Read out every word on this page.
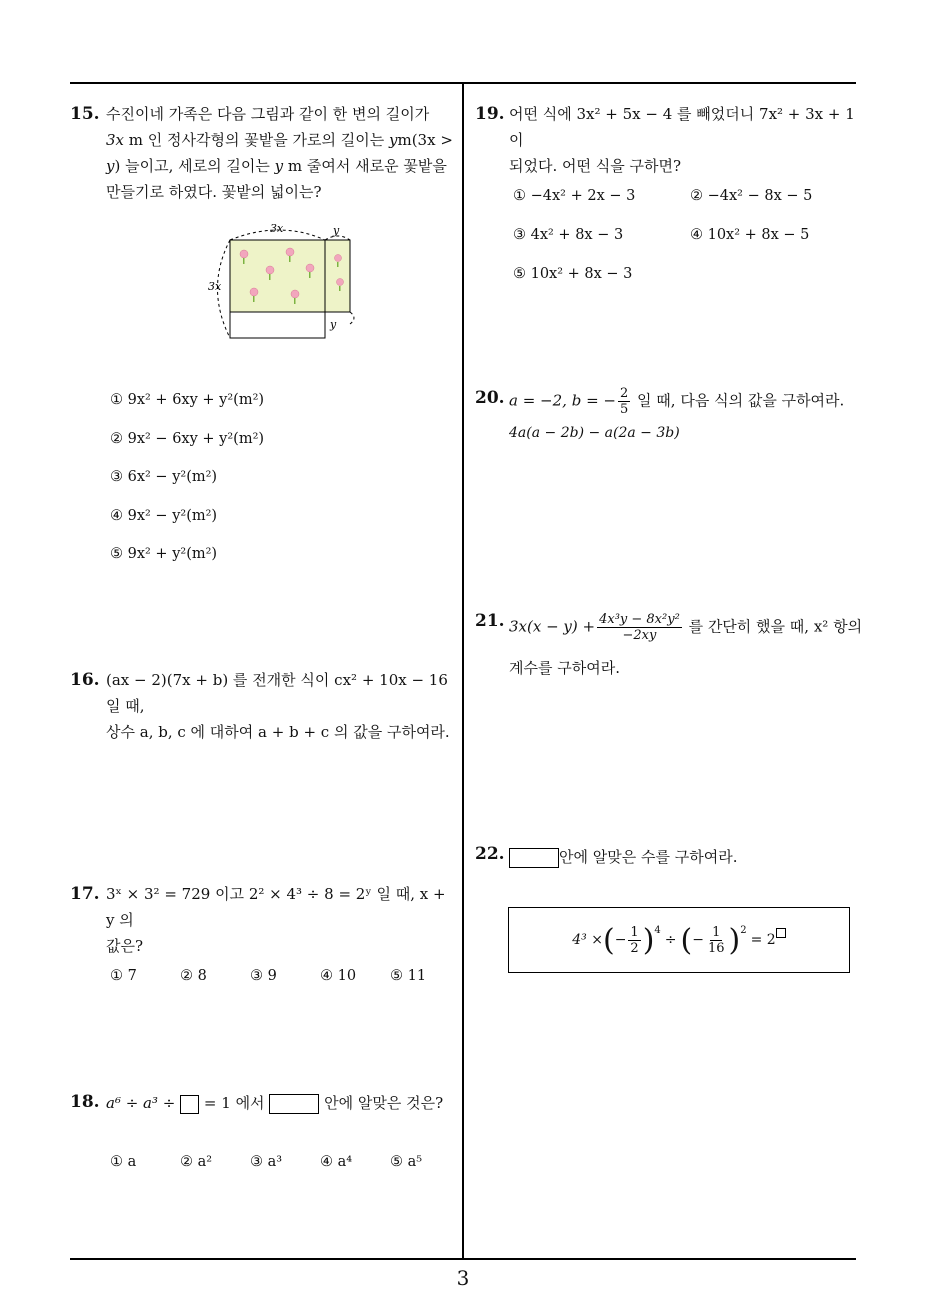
15. 수진이네 가족은 다음 그림과 같이 한 변의 길이가
3x m 인 정사각형의 꽃밭을 가로의 길이는 ym(3x >
y) 늘이고, 세로의 길이는 y m 줄여서 새로운 꽃밭을
만들기로 하였다. 꽃밭의 넓이는?
3x	y
3x
y
① 9x² + 6xy + y²(m²)
② 9x² − 6xy + y²(m²)
③ 6x² − y²(m²)
④ 9x² − y²(m²)
⑤ 9x² + y²(m²)
16. (ax − 2)(7x + b) 를 전개한 식이 cx² + 10x − 16 일 때,
상수 a, b, c 에 대하여 a + b + c 의 값을 구하여라.
17. 3ˣ × 3² = 729 이고 2² × 4³ ÷ 8 = 2ʸ 일 때, x + y 의
값은?
① 7	② 8	③ 9	④ 10 ⑤ 11
18. a⁶ ÷ a³ ÷ = 1 에서	안에 알맞은 것은?
① a	② a²	③ a³	④ a⁴	⑤ a⁵
19. 어떤 식에 3x² + 5x − 4 를 빼었더니 7x² + 3x + 1 이
되었다. 어떤 식을 구하면?
① −4x² + 2x − 3	② −4x² − 8x − 5
③ 4x² + 8x − 3	④ 10x² + 8x − 5
⑤ 10x² + 8x − 3
20. a = −2, b = − $\frac{2}{5}$ 일 때, 다음 식의 값을 구하여라.
4a(a − 2b) − a(2a − 3b)
21. $3x(x - y) + \frac{\text{4x³y − 8x²y²}}{-2xy}$ 를 간단히 했을 때, x² 항의
계수를 구하여라.
22.	안에 알맞은 수를 구하여라.
4³ × ( − $\frac{1}{2} )^4$
÷ ( − $\frac{1}{16} )^2$
= 2
3
